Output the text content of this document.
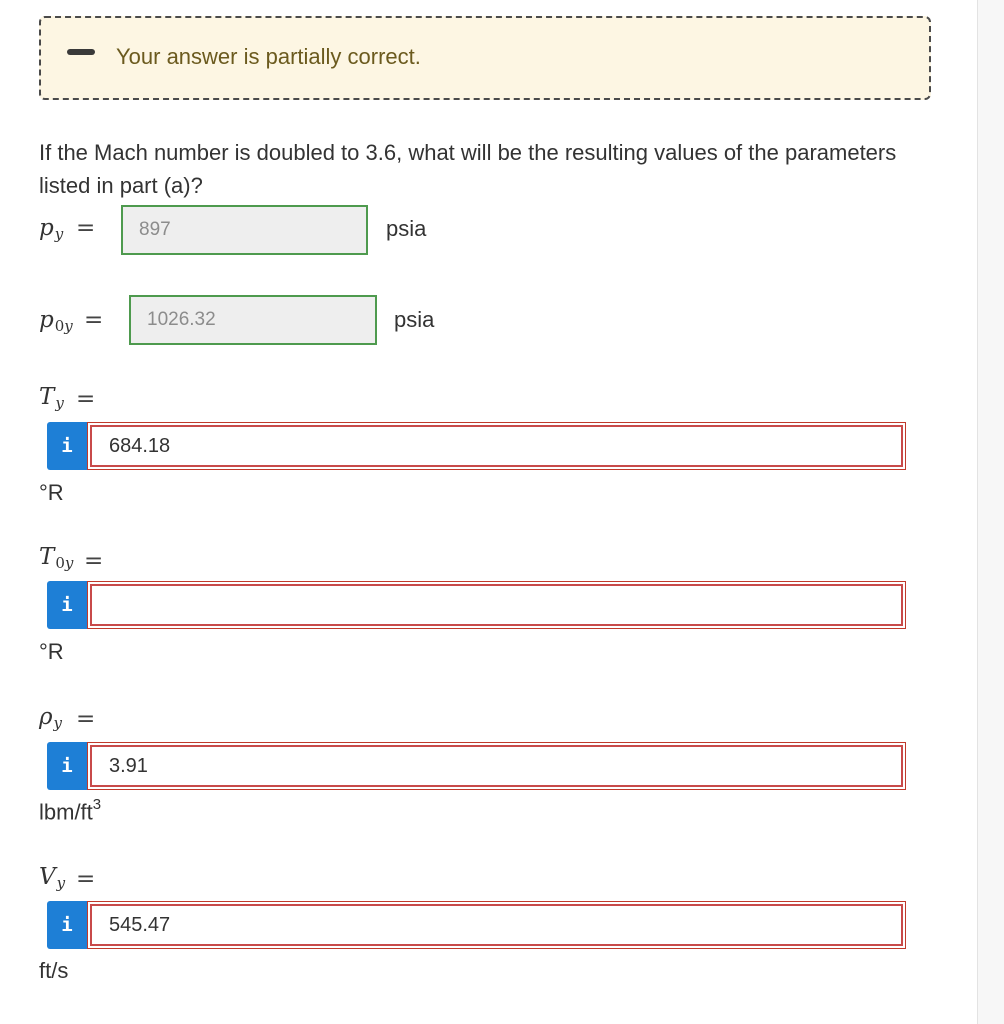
Your answer is partially correct.
If the Mach number is doubled to 3.6, what will be the resulting values of the parameters listed in part (a)?
$p_y$ =	897	psia
$p_{0y}$ =	1026.32	psia
$T_y$ =
i	684.18
°R
$T_{0y}$ =
i
°R
$\rho_y$ =
i	3.91
lbm/$ft^3$
$V_y$ =
i	545.47
ft/s
